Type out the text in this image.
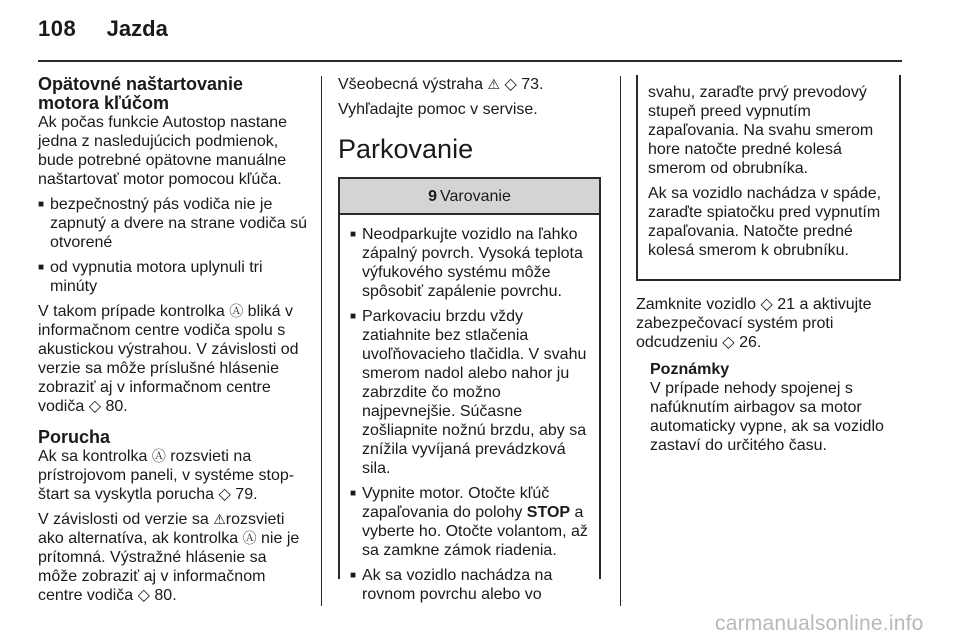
108 Jazda
Opätovné naštartovanie motora kľúčom

Ak počas funkcie Autostop nastane jedna z nasledujúcich podmienok, bude potrebné opätovne manuálne naštartovať motor pomocou kľúča.

■ bezpečnostný pás vodiča nie je zapnutý a dvere na strane vodiča sú otvorené
■ od vypnutia motora uplynuli tri minúty

V takom prípade kontrolka Ⓐ bliká v informačnom centre vodiča spolu s akustickou výstrahou. V závislosti od verzie sa môže príslušné hlásenie zobraziť aj v informačnom centre vodiča ◇ 80.

Porucha

Ak sa kontrolka Ⓐ rozsvieti na prístrojovom paneli, v systéme stop-štart sa vyskytla porucha ◇ 79.

V závislosti od verzie sa ⚠rozsvieti ako alternatíva, ak kontrolka Ⓐ nie je prítomná. Výstražné hlásenie sa môže zobraziť aj v informačnom centre vodiča ◇ 80.

Všeobecná výstraha ⚠ ◇ 73.

Vyhľadajte pomoc v servise.

Parkovanie
9 Varovanie
■ Neodparkujte vozidlo na ľahko zápalný povrch. Vysoká teplota výfukového systému môže spôsobiť zapálenie povrchu.
■ Parkovaciu brzdu vždy zatiahnite bez stlačenia uvoľňovacieho tlačidla. V svahu smerom nadol alebo nahor ju zabrzdite čo možno najpevnejšie. Súčasne zošliapnite nožnú brzdu, aby sa znížila vyvíjaná prevádzková sila.
■ Vypnite motor. Otočte kľúč zapaľovania do polohy STOP a vyberte ho. Otočte volantom, až sa zamkne zámok riadenia.
■ Ak sa vozidlo nachádza na rovnom povrchu alebo vo

svahu, zaraďte prvý prevodový stupeň preed vypnutím zapaľovania. Na svahu smerom hore natočte predné kolesá smerom od obrubníka.

Ak sa vozidlo nachádza v spáde, zaraďte spiatočku pred vypnutím zapaľovania. Natočte predné kolesá smerom k obrubníku.

Zamknite vozidlo ◇ 21 a aktivujte zabezpečovací systém proti odcudzeniu ◇ 26.

Poznámky
V prípade nehody spojenej s nafúknutím airbagov sa motor automaticky vypne, ak sa vozidlo zastaví do určitého času.
carmanualsonline.info
